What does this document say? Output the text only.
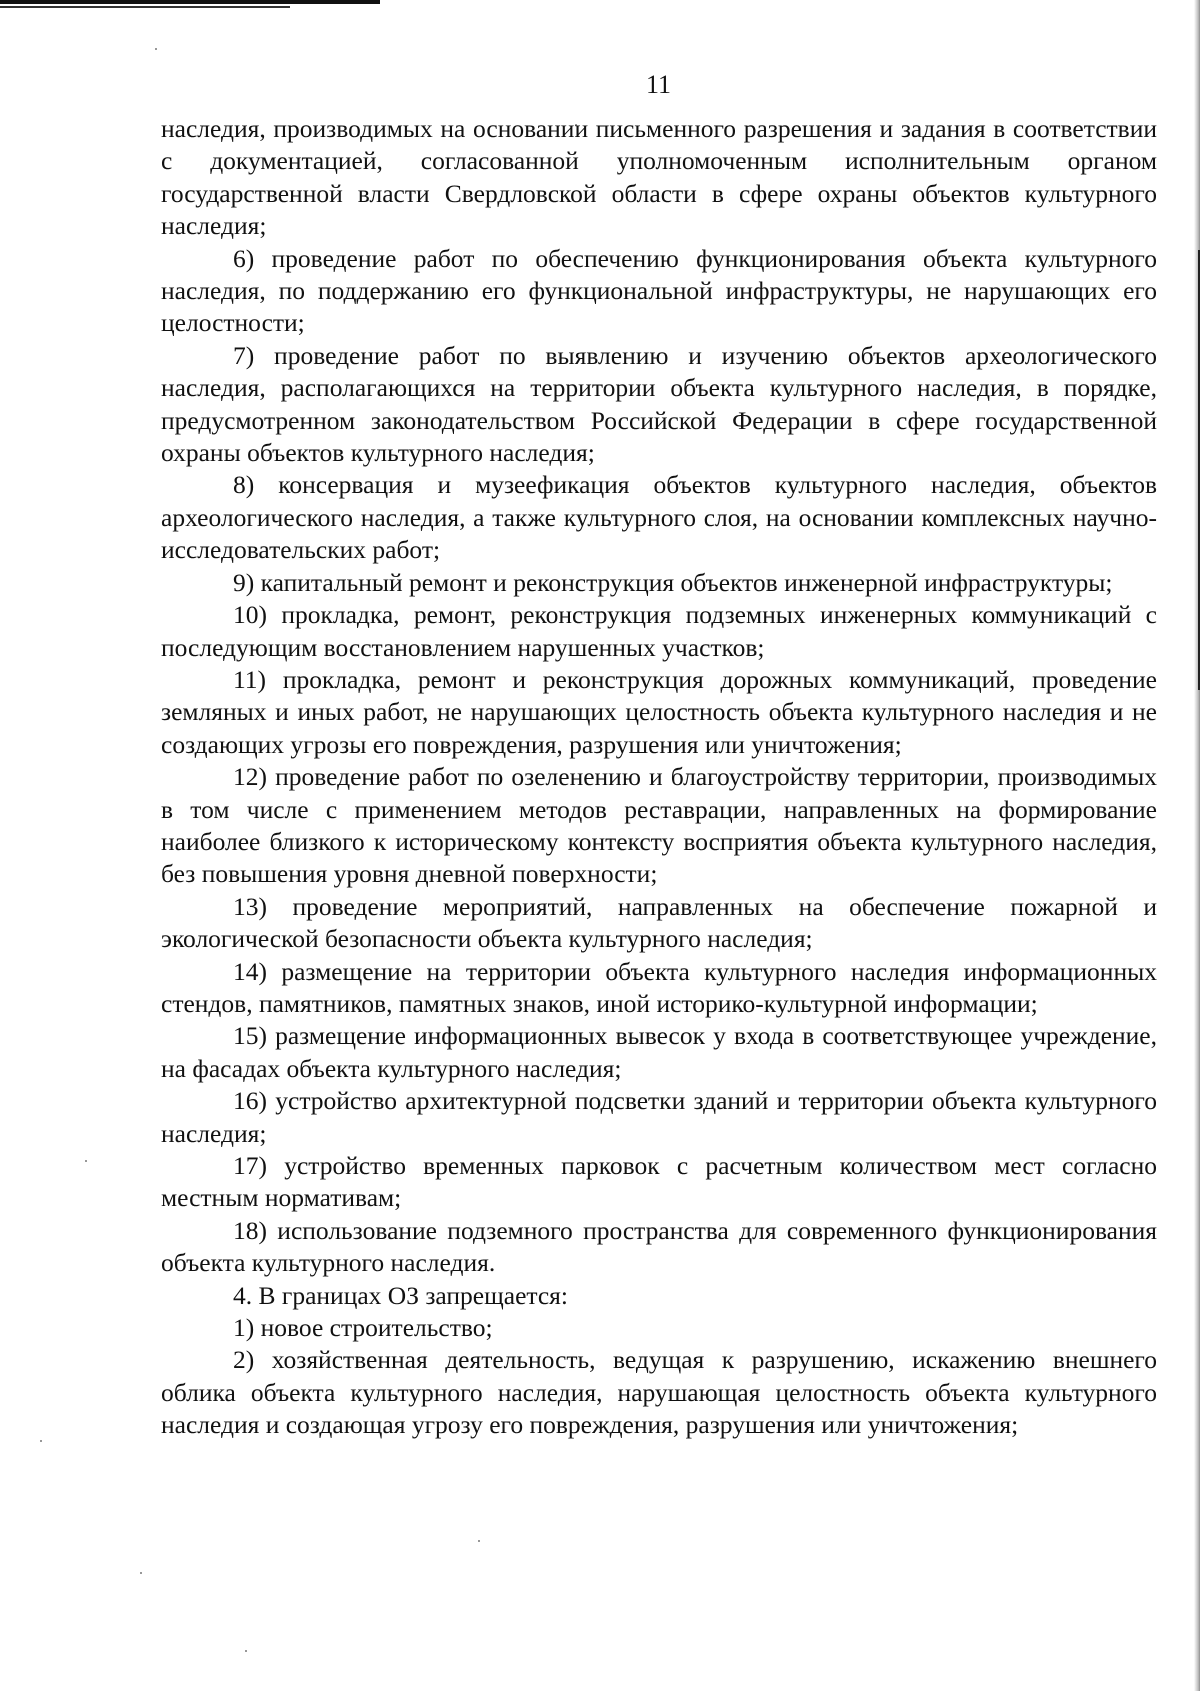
11

наследия, производимых на основании письменного разрешения и задания в соответствии с документацией, согласованной уполномоченным исполнительным органом государственной власти Свердловской области в сфере охраны объектов культурного наследия;

6) проведение работ по обеспечению функционирования объекта культурного наследия, по поддержанию его функциональной инфраструктуры, не нарушающих его целостности;

7) проведение работ по выявлению и изучению объектов археологического наследия, располагающихся на территории объекта культурного наследия, в порядке, предусмотренном законодательством Российской Федерации в сфере государственной охраны объектов культурного наследия;

8) консервация и музеефикация объектов культурного наследия, объектов археологического наследия, а также культурного слоя, на основании комплексных научно-исследовательских работ;

9) капитальный ремонт и реконструкция объектов инженерной инфраструктуры;

10) прокладка, ремонт, реконструкция подземных инженерных коммуникаций с последующим восстановлением нарушенных участков;

11) прокладка, ремонт и реконструкция дорожных коммуникаций, проведение земляных и иных работ, не нарушающих целостность объекта культурного наследия и не создающих угрозы его повреждения, разрушения или уничтожения;

12) проведение работ по озеленению и благоустройству территории, производимых в том числе с применением методов реставрации, направленных на формирование наиболее близкого к историческому контексту восприятия объекта культурного наследия, без повышения уровня дневной поверхности;

13) проведение мероприятий, направленных на обеспечение пожарной и экологической безопасности объекта культурного наследия;

14) размещение на территории объекта культурного наследия информационных стендов, памятников, памятных знаков, иной историко-культурной информации;

15) размещение информационных вывесок у входа в соответствующее учреждение, на фасадах объекта культурного наследия;

16) устройство архитектурной подсветки зданий и территории объекта культурного наследия;

17) устройство временных парковок с расчетным количеством мест согласно местным нормативам;

18) использование подземного пространства для современного функционирования объекта культурного наследия.

4. В границах ОЗ запрещается:

1) новое строительство;

2) хозяйственная деятельность, ведущая к разрушению, искажению внешнего облика объекта культурного наследия, нарушающая целостность объекта культурного наследия и создающая угрозу его повреждения, разрушения или уничтожения;
